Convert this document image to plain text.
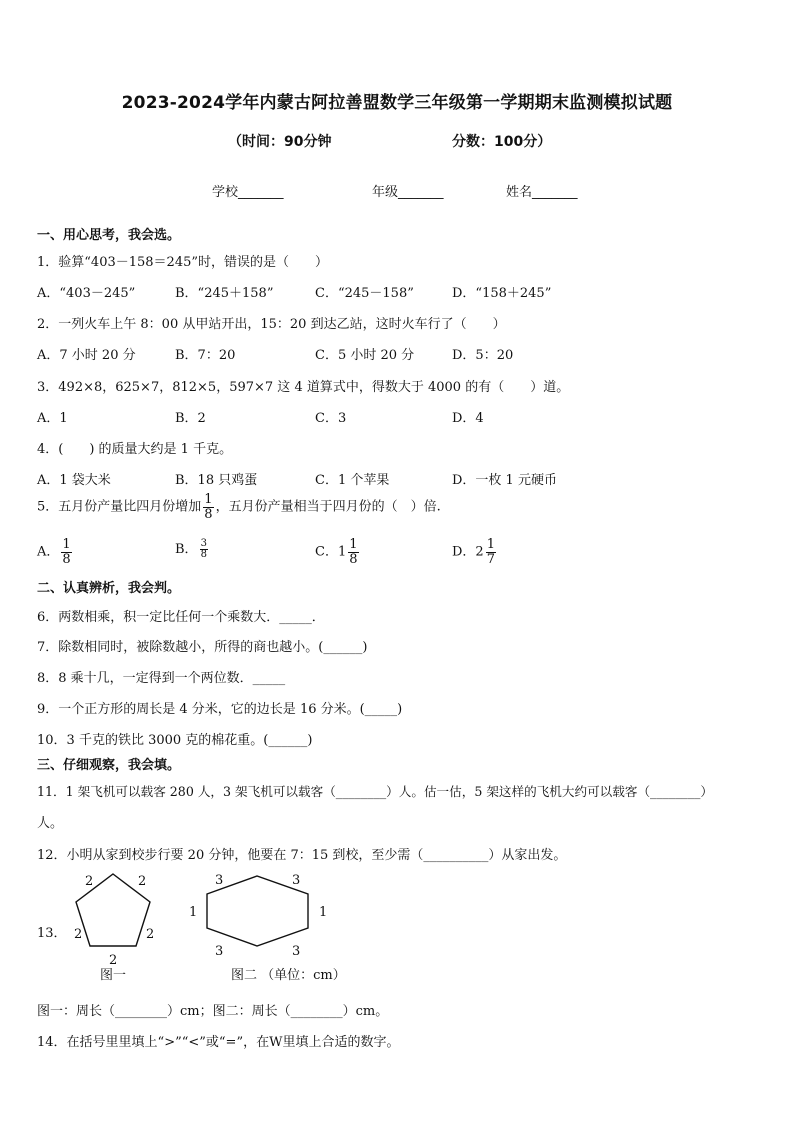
2023-2024学年内蒙古阿拉善盟数学三年级第一学期期末监测模拟试题
（时间：90分钟	分数：100分）
学校_______	年级_______	姓名_______
一、用心思考，我会选。
1．验算“403－158＝245”时，错误的是（　　）
A．“403－245”	B．“245＋158”	C．“245－158”	D．“158＋245”
2．一列火车上午 8：00 从甲站开出，15：20 到达乙站，这时火车行了（　　）
A．7 小时 20 分	B．7：20	C．5 小时 20 分	D．5：20
3．492×8，625×7，812×5，597×7 这 4 道算式中，得数大于 4000 的有（　　）道。
A．1	B．2	C．3	D．4
4．(　　) 的质量大约是 1 千克。
A．1 袋大米	B．18 只鸡蛋	C．1 个苹果	D．一枚 1 元硬币
5．五月份产量比四月份增加 $\frac{1}{8}$ ，五月份产量相当于四月份的（　）倍.
A． $\frac{1}{8}$	B． $\frac{3}{8}$	C．$1 \frac{1}{8}$	D．$2 \frac{1}{7}$
二、认真辨析，我会判。
6．两数相乘，积一定比任何一个乘数大．_____．
7．除数相同时，被除数越小，所得的商也越小。(______)
8．8 乘十几，一定得到一个两位数．_____
9．一个正方形的周长是 4 分米，它的边长是 16 分米。(_____)
10．3 千克的铁比 3000 克的棉花重。(______)
三、仔细观察，我会填。
11．1 架飞机可以载客 280 人，3 架飞机可以载客（________）人。估一估，5 架这样的飞机大约可以载客（________）
人。
12．小明从家到校步行要 20 分钟，他要在 7：15 到校，至少需（__________）从家出发。
13．
2	2
2	2
2
图一
3	3
1	1
3	3
图二 （单位：cm）
图一：周长（________）cm；图二：周长（________）cm。
14．在括号里里填上“>”“<”或“=”，在W里填上合适的数字。
